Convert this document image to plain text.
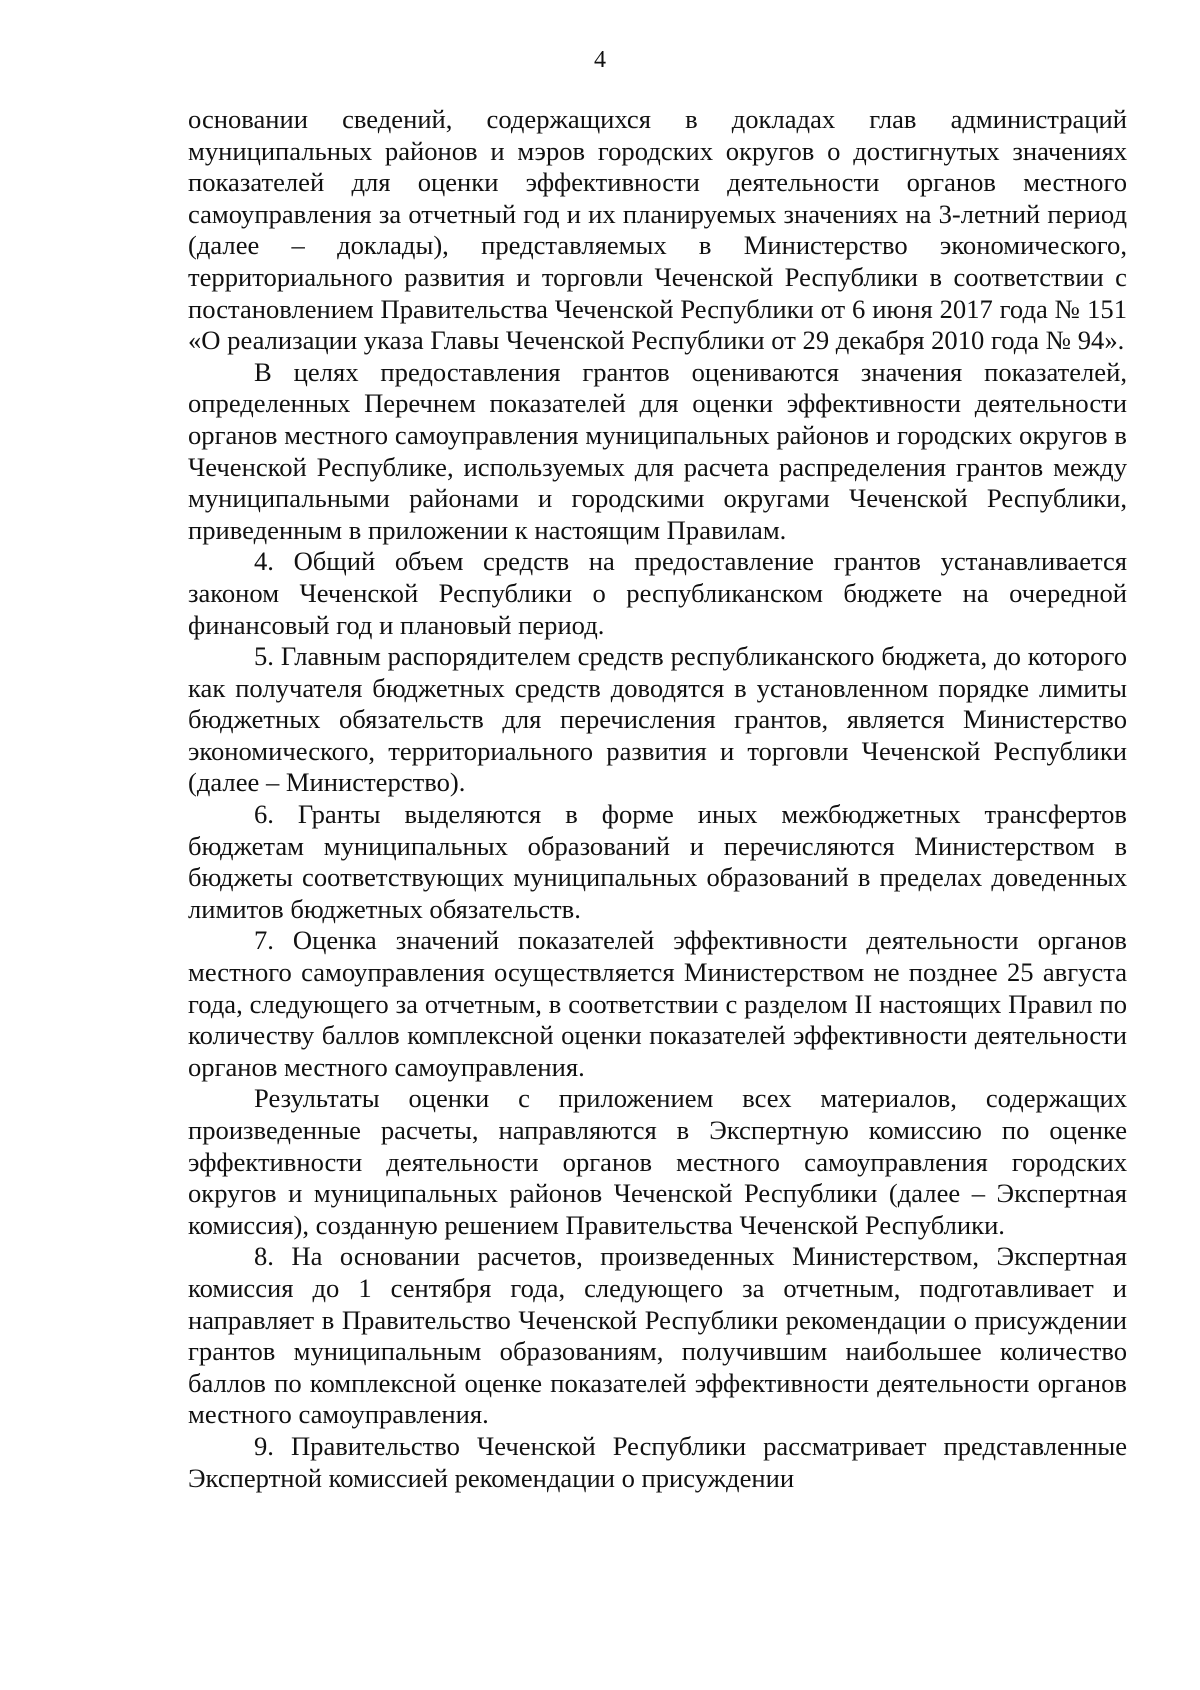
4

основании сведений, содержащихся в докладах глав администраций муниципальных районов и мэров городских округов о достигнутых значениях показателей для оценки эффективности деятельности органов местного самоуправления за отчетный год и их планируемых значениях на 3-летний период (далее – доклады), представляемых в Министерство экономического, территориального развития и торговли Чеченской Республики в соответствии с постановлением Правительства Чеченской Республики от 6 июня 2017 года № 151 «О реализации указа Главы Чеченской Республики от 29 декабря 2010 года № 94».

В целях предоставления грантов оцениваются значения показателей, определенных Перечнем показателей для оценки эффективности деятельности органов местного самоуправления муниципальных районов и городских округов в Чеченской Республике, используемых для расчета распределения грантов между муниципальными районами и городскими округами Чеченской Республики, приведенным в приложении к настоящим Правилам.

4. Общий объем средств на предоставление грантов устанавливается законом Чеченской Республики о республиканском бюджете на очередной финансовый год и плановый период.

5. Главным распорядителем средств республиканского бюджета, до которого как получателя бюджетных средств доводятся в установленном порядке лимиты бюджетных обязательств для перечисления грантов, является Министерство экономического, территориального развития и торговли Чеченской Республики (далее – Министерство).

6. Гранты выделяются в форме иных межбюджетных трансфертов бюджетам муниципальных образований и перечисляются Министерством в бюджеты соответствующих муниципальных образований в пределах доведенных лимитов бюджетных обязательств.

7. Оценка значений показателей эффективности деятельности органов местного самоуправления осуществляется Министерством не позднее 25 августа года, следующего за отчетным, в соответствии с разделом II настоящих Правил по количеству баллов комплексной оценки показателей эффективности деятельности органов местного самоуправления.

Результаты оценки с приложением всех материалов, содержащих произведенные расчеты, направляются в Экспертную комиссию по оценке эффективности деятельности органов местного самоуправления городских округов и муниципальных районов Чеченской Республики (далее – Экспертная комиссия), созданную решением Правительства Чеченской Республики.

8. На основании расчетов, произведенных Министерством, Экспертная комиссия до 1 сентября года, следующего за отчетным, подготавливает и направляет в Правительство Чеченской Республики рекомендации о присуждении грантов муниципальным образованиям, получившим наибольшее количество баллов по комплексной оценке показателей эффективности деятельности органов местного самоуправления.

9. Правительство Чеченской Республики рассматривает представленные Экспертной комиссией рекомендации о присуждении
